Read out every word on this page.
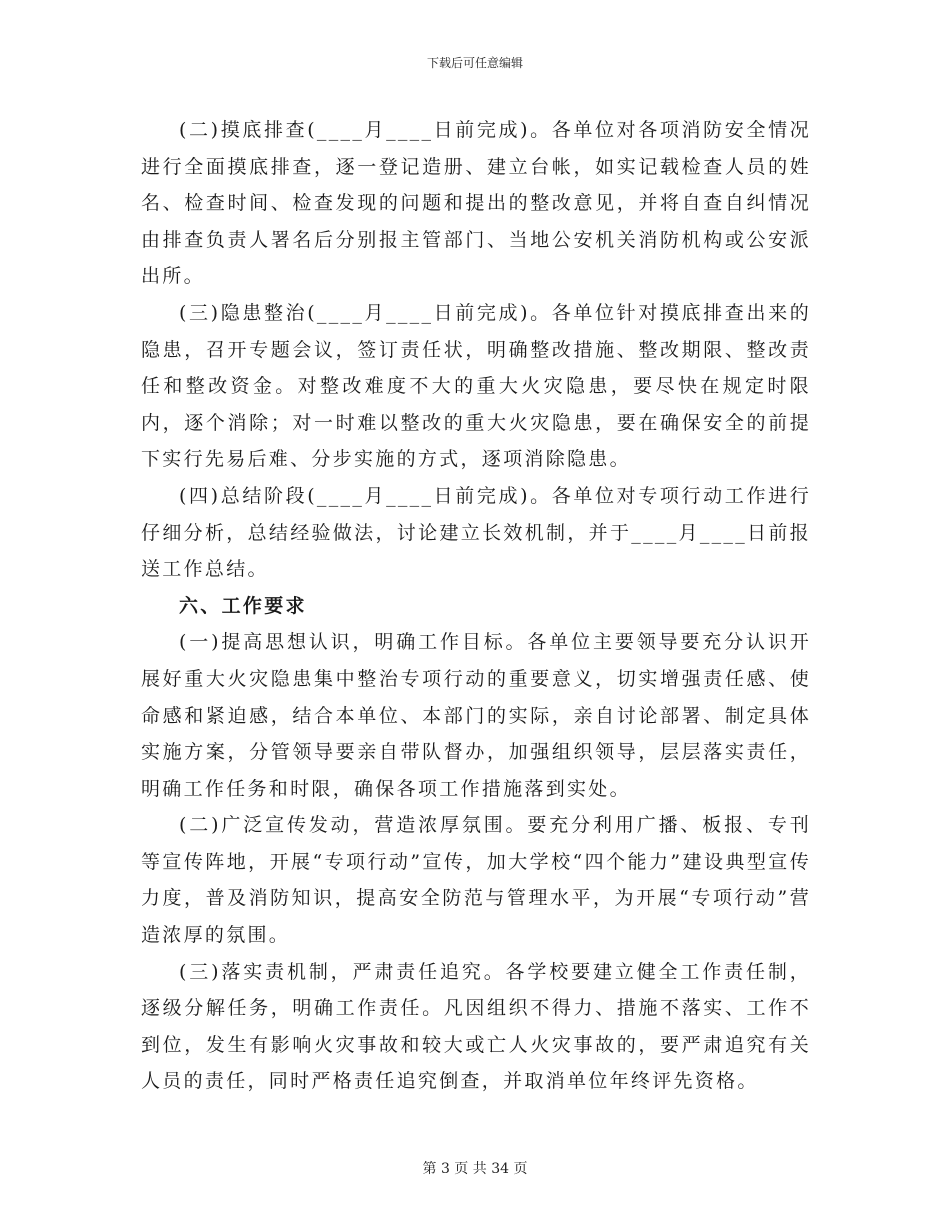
下载后可任意编辑

(二)摸底排查(____月____日前完成)。各单位对各项消防安全情况进行全面摸底排查，逐一登记造册、建立台帐，如实记载检查人员的姓名、检查时间、检查发现的问题和提出的整改意见，并将自查自纠情况由排查负责人署名后分别报主管部门、当地公安机关消防机构或公安派出所。

(三)隐患整治(____月____日前完成)。各单位针对摸底排查出来的隐患，召开专题会议，签订责任状，明确整改措施、整改期限、整改责任和整改资金。对整改难度不大的重大火灾隐患，要尽快在规定时限内，逐个消除；对一时难以整改的重大火灾隐患，要在确保安全的前提下实行先易后难、分步实施的方式，逐项消除隐患。

(四)总结阶段(____月____日前完成)。各单位对专项行动工作进行仔细分析，总结经验做法，讨论建立长效机制，并于____月____日前报送工作总结。

六、工作要求

(一)提高思想认识，明确工作目标。各单位主要领导要充分认识开展好重大火灾隐患集中整治专项行动的重要意义，切实增强责任感、使命感和紧迫感，结合本单位、本部门的实际，亲自讨论部署、制定具体实施方案，分管领导要亲自带队督办，加强组织领导，层层落实责任，明确工作任务和时限，确保各项工作措施落到实处。

(二)广泛宣传发动，营造浓厚氛围。要充分利用广播、板报、专刊等宣传阵地，开展“专项行动”宣传，加大学校“四个能力”建设典型宣传力度，普及消防知识，提高安全防范与管理水平，为开展“专项行动”营造浓厚的氛围。

(三)落实责机制，严肃责任追究。各学校要建立健全工作责任制，逐级分解任务，明确工作责任。凡因组织不得力、措施不落实、工作不到位，发生有影响火灾事故和较大或亡人火灾事故的，要严肃追究有关人员的责任，同时严格责任追究倒查，并取消单位年终评先资格。

第 3 页 共 34 页
